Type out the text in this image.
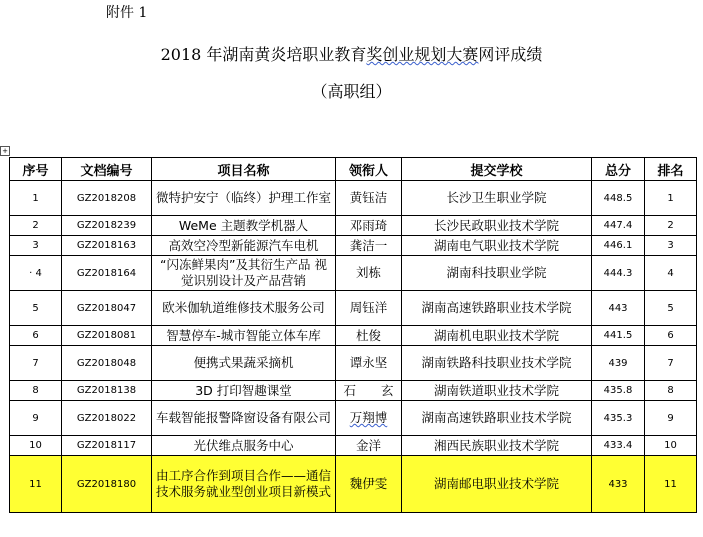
附件 1
2018 年湖南黄炎培职业教育奖创业规划大赛网评成绩
（高职组）
+
序号	文档编号	项目名称	领衔人	提交学校	总分	排名
1	GZ2018208	微特护安宁（临终）护理工作室	黄钰洁	长沙卫生职业学院	448.5	1
2	GZ2018239	WeMe 主题教学机器人	邓雨琦	长沙民政职业技术学院	447.4	2
3	GZ2018163	高效空冷型新能源汽车电机	龚洁一	湖南电气职业技术学院	446.1	3
· 4	GZ2018164	“闪冻鲜果肉”及其衍生产品 视觉识别设计及产品营销	刘栋	湖南科技职业学院	444.3	4
5	GZ2018047	欧米伽轨道维修技术服务公司	周钰洋	湖南高速铁路职业技术学院	443	5
6	GZ2018081	智慧停车-城市智能立体车库	杜俊	湖南机电职业技术学院	441.5	6
7	GZ2018048	便携式果蔬采摘机	谭永坚	湖南铁路科技职业技术学院	439	7
8	GZ2018138	3D 打印智趣课堂	石　　玄	湖南铁道职业技术学院	435.8	8
9	GZ2018022	车载智能报警降窗设备有限公司	万翔博	湖南高速铁路职业技术学院	435.3	9
10	GZ2018117	光伏维点服务中心	金洋	湘西民族职业技术学院	433.4	10
11	GZ2018180	由工序合作到项目合作——通信技术服务就业型创业项目新模式	魏伊雯	湖南邮电职业技术学院	433	11
